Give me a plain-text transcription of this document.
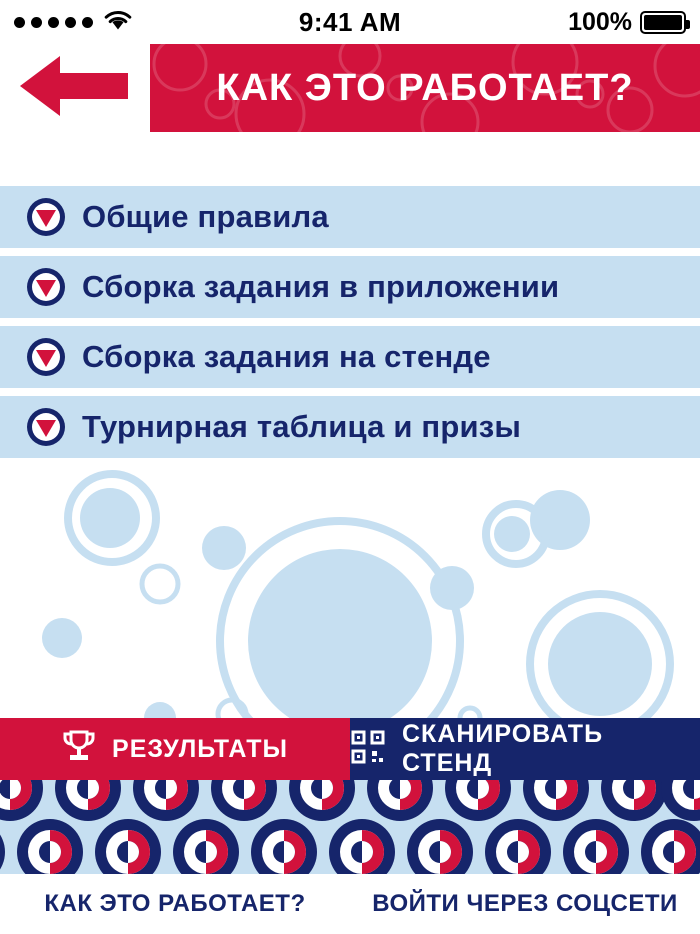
9:41 AM	100%
КАК ЭТО РАБОТАЕТ?
Общие правила
Сборка задания в приложении
Сборка задания на стенде
Турнирная таблица и призы
РЕЗУЛЬТАТЫ
СКАНИРОВАТЬ СТЕНД
КАК ЭТО РАБОТАЕТ?	ВОЙТИ ЧЕРЕЗ СОЦСЕТИ
